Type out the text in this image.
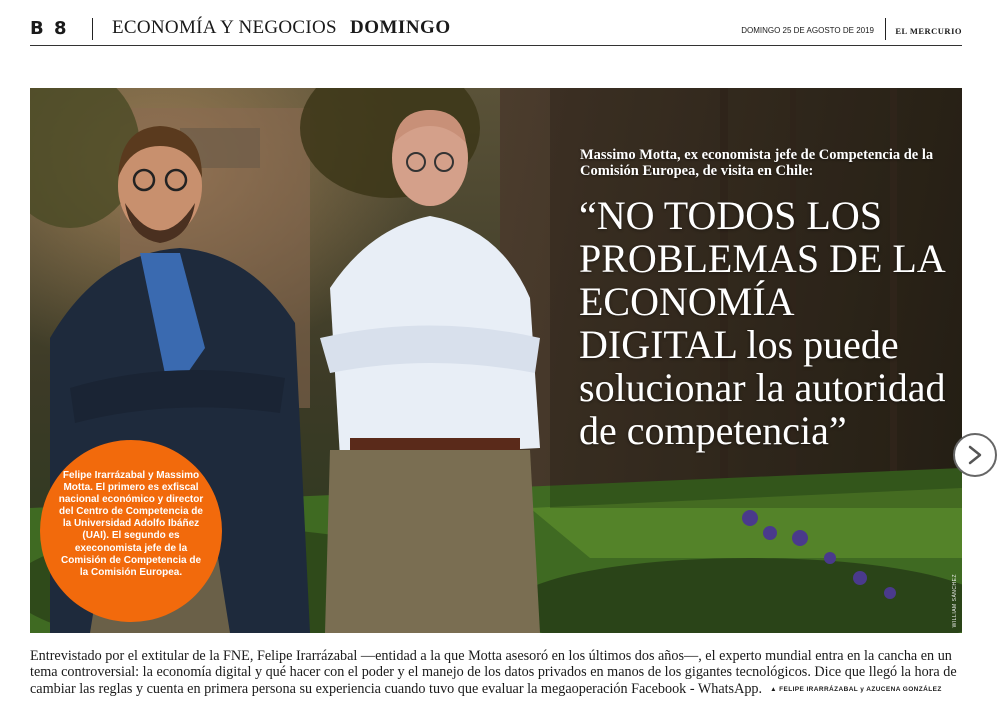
B 8 ECONOMÍA Y NEGOCIOS DOMINGO	DOMINGO 25 DE AGOSTO DE 2019	EL MERCURIO
Massimo Motta, ex economista jefe de Competencia de la Comisión Europea, de visita en Chile:
“NO TODOS LOS PROBLEMAS DE LA ECONOMÍA DIGITAL los puede solucionar la autoridad de competencia”
WILLIAM SÁNCHEZ
Felipe Irarrázabal y Massimo Motta. El primero es exfiscal nacional económico y director del Centro de Competencia de la Universidad Adolfo Ibáñez (UAI). El segundo es execonomista jefe de la Comisión de Competencia de la Comisión Europea.
Entrevistado por el extitular de la FNE, Felipe Irarrázabal —entidad a la que Motta asesoró en los últimos dos años—, el experto mundial entra en la cancha en un tema controversial: la economía digital y qué hacer con el poder y el manejo de los datos privados en manos de los gigantes tecnológicos. Dice que llegó la hora de cambiar las reglas y cuenta en primera persona su experiencia cuando tuvo que evaluar la megaoperación Facebook - WhatsApp. ▲ FELIPE IRARRÁZABAL y AZUCENA GONZÁLEZ
